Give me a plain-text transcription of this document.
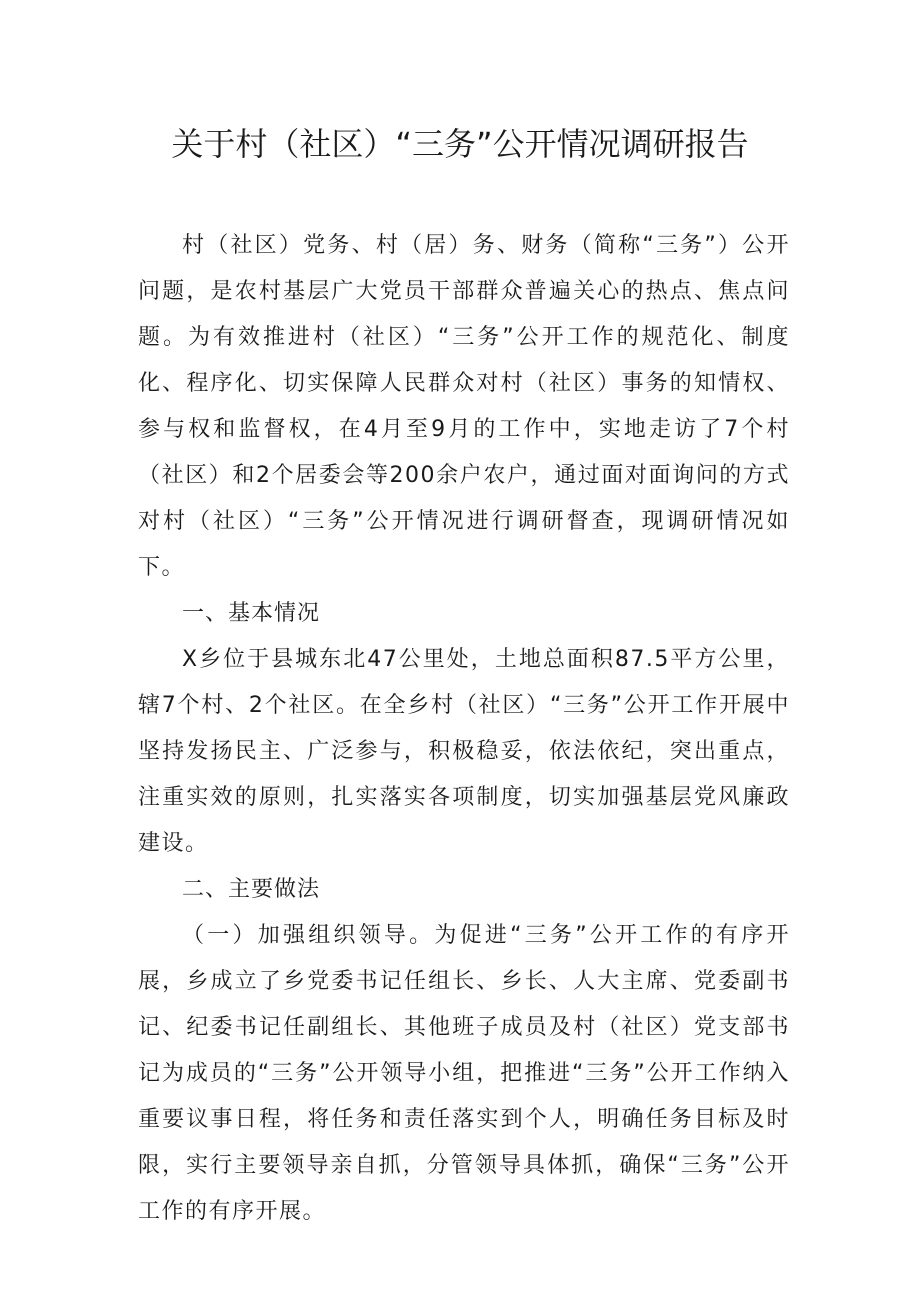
关于村（社区）“三务”公开情况调研报告

村（社区）党务、村（居）务、财务（简称“三务”）公开问题，是农村基层广大党员干部群众普遍关心的热点、焦点问题。为有效推进村（社区）“三务”公开工作的规范化、制度化、程序化、切实保障人民群众对村（社区）事务的知情权、参与权和监督权，在4月至9月的工作中，实地走访了7个村（社区）和2个居委会等200余户农户，通过面对面询问的方式对村（社区）“三务”公开情况进行调研督查，现调研情况如下。

一、基本情况

X乡位于县城东北47公里处，土地总面积87.5平方公里，辖7个村、2个社区。在全乡村（社区）“三务”公开工作开展中坚持发扬民主、广泛参与，积极稳妥，依法依纪，突出重点，注重实效的原则，扎实落实各项制度，切实加强基层党风廉政建设。

二、主要做法

（一）加强组织领导。为促进“三务”公开工作的有序开展，乡成立了乡党委书记任组长、乡长、人大主席、党委副书记、纪委书记任副组长、其他班子成员及村（社区）党支部书记为成员的“三务”公开领导小组，把推进“三务”公开工作纳入重要议事日程，将任务和责任落实到个人，明确任务目标及时限，实行主要领导亲自抓，分管领导具体抓，确保“三务”公开工作的有序开展。
